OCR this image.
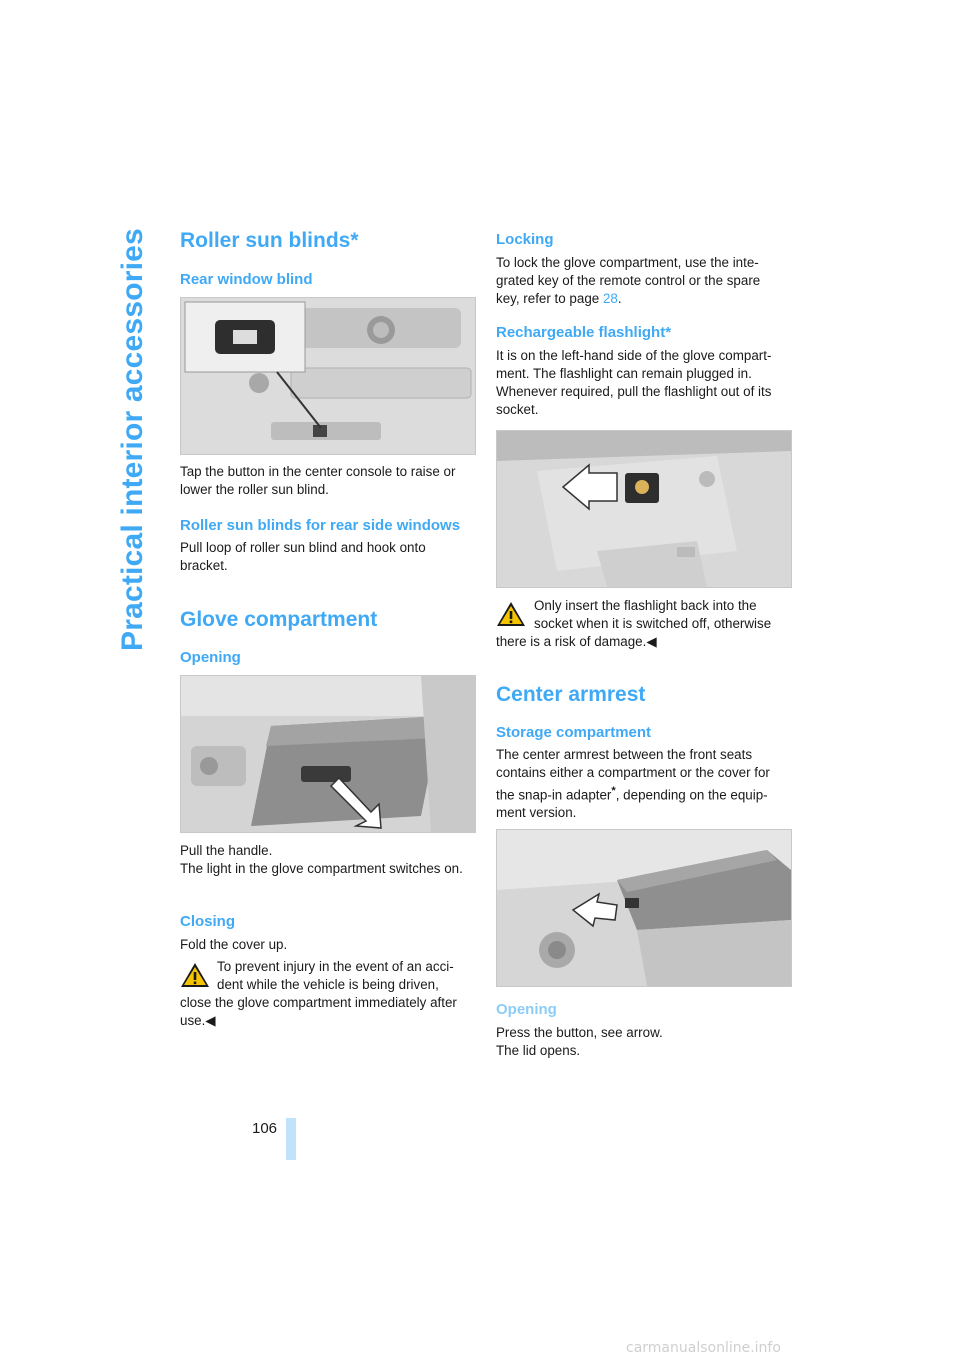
Practical interior accessories
106
Roller sun blinds*
Rear window blind
Tap the button in the center console to raise or lower the roller sun blind.
Roller sun blinds for rear side windows
Pull loop of roller sun blind and hook onto bracket.
Glove compartment
Opening
Pull the handle.
The light in the glove compartment switches on.
Closing
Fold the cover up.
To prevent injury in the event of an acci-
dent while the vehicle is being driven,
close the glove compartment immediately after use.◀
Locking
To lock the glove compartment, use the inte-
grated key of the remote control or the spare
key, refer to page 28.
Rechargeable flashlight*
It is on the left-hand side of the glove compart-ment. The flashlight can remain plugged in. Whenever required, pull the flashlight out of its socket.
Only insert the flashlight back into the
socket when it is switched off, otherwise
there is a risk of damage.◀
Center armrest
Storage compartment
The center armrest between the front seats contains either a compartment or the cover for the snap-in adapter*, depending on the equip-ment version.
Opening
Press the button, see arrow.
The lid opens.
carmanualsonline.info
